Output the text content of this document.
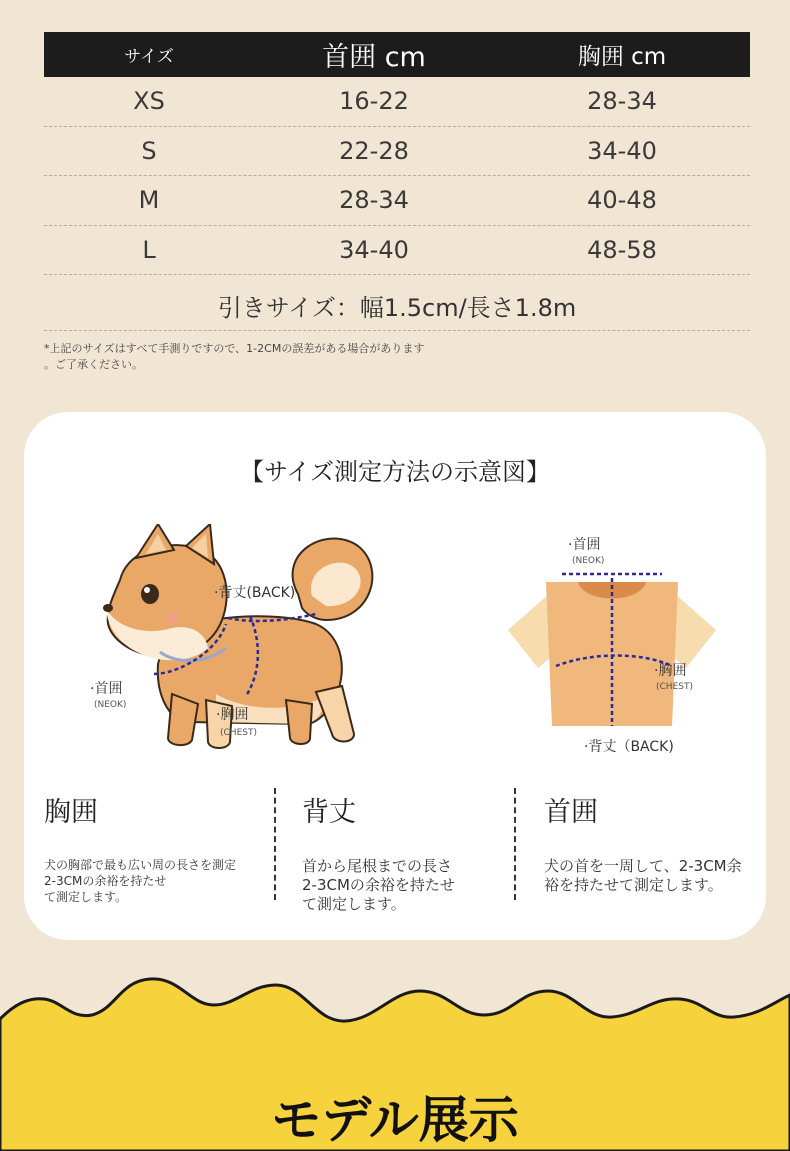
サイズ	首囲 cm	胸囲 cm
XS	16-22	28-34
S	22-28	34-40
M	28-34	40-48
L	34-40	48-58
引きサイズ：幅1.5cm/長さ1.8m
*上記のサイズはすべて手測りですので、1-2CMの誤差がある場合があります
。ご了承ください。
【サイズ測定方法の示意図】
·背丈(BACK)
·首囲
(NEOK)
·胸囲
(CHEST)
·首囲
(NEOK)
·胸囲
(CHEST)
·背丈（BACK)
胸囲
犬の胸部で最も広い周の長さを測定
2-3CMの余裕を持たせ
て測定します。
背丈
首から尾根までの長さ
2-3CMの余裕を持たせ
て測定します。
首囲
犬の首を一周して、2-3CM余
裕を持たせて測定します。
モデル展示
